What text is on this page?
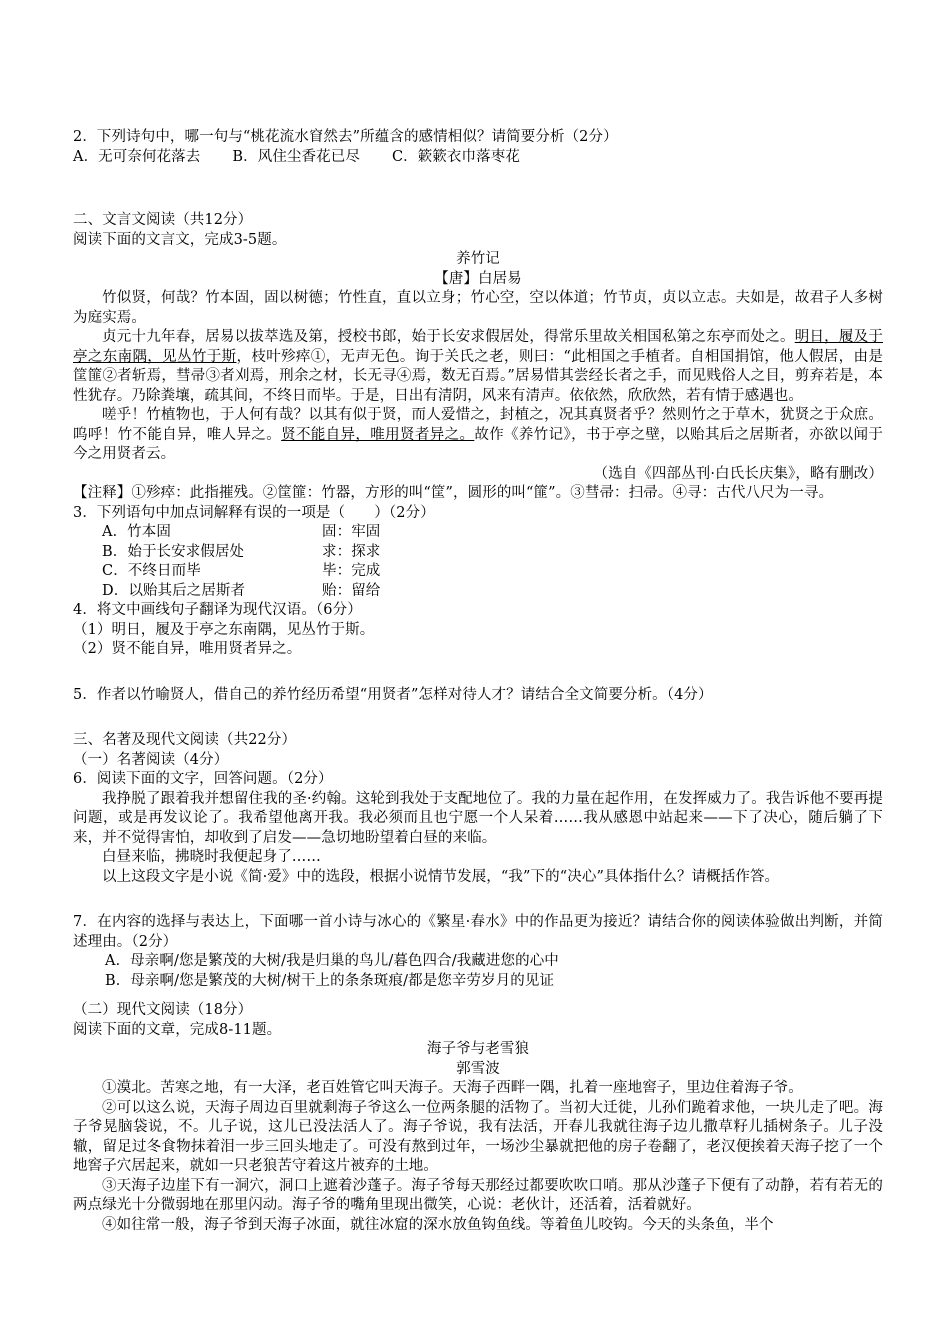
2．下列诗句中，哪一句与“桃花流水窅然去”所蕴含的感情相似？请简要分析（2分）

A．无可奈何花落去 B．风住尘香花已尽 C．簌簌衣巾落枣花

二、文言文阅读（共12分）

阅读下面的文言文，完成3-5题。

养竹记

【唐】白居易

竹似贤，何哉？竹本固，固以树德；竹性直，直以立身；竹心空，空以体道；竹节贞，贞以立志。夫如是，故君子人多树为庭实焉。

贞元十九年春，居易以拔萃选及第，授校书郎，始于长安求假居处，得常乐里故关相国私第之东亭而处之。明日，履及于亭之东南隅，见丛竹于斯，枝叶殄瘁①，无声无色。询于关氏之老，则曰：“此相国之手植者。自相国捐馆，他人假居，由是筐篚②者斩焉，彗帚③者刈焉，刑余之材，长无寻④焉，数无百焉。”居易惜其尝经长者之手，而见贱俗人之目，剪弃若是，本性犹存。乃除粪壤，疏其间，不终日而毕。于是，日出有清阴，风来有清声。依依然，欣欣然，若有情于感遇也。

嗟乎！竹植物也，于人何有哉？以其有似于贤，而人爱惜之，封植之，况其真贤者乎？然则竹之于草木，犹贤之于众庶。呜呼！竹不能自异，唯人异之。贤不能自异，唯用贤者异之。故作《养竹记》，书于亭之壁，以贻其后之居斯者，亦欲以闻于今之用贤者云。

（选自《四部丛刊·白氏长庆集》，略有删改）

【注释】①殄瘁：此指摧残。②筐篚：竹器，方形的叫“筐”，圆形的叫“篚”。③彗帚：扫帚。④寻：古代八尺为一寻。

3．下列语句中加点词解释有误的一项是（　　）（2分）

A．竹本固	固：牢固
B．始于长安求假居处	求：探求
C．不终日而毕	毕：完成
D．以贻其后之居斯者	贻：留给

4．将文中画线句子翻译为现代汉语。（6分）

（1）明日，履及于亭之东南隅，见丛竹于斯。

（2）贤不能自异，唯用贤者异之。

5．作者以竹喻贤人，借自己的养竹经历希望“用贤者”怎样对待人才？请结合全文简要分析。（4分）

三、名著及现代文阅读（共22分）

（一）名著阅读（4分）

6．阅读下面的文字，回答问题。（2分）

我挣脱了跟着我并想留住我的圣·约翰。这轮到我处于支配地位了。我的力量在起作用，在发挥威力了。我告诉他不要再提问题，或是再发议论了。我希望他离开我。我必须而且也宁愿一个人呆着……我从感恩中站起来——下了决心，随后躺了下来，并不觉得害怕，却收到了启发——急切地盼望着白昼的来临。

白昼来临，拂晓时我便起身了……

以上这段文字是小说《简·爱》中的选段，根据小说情节发展，“我”下的“决心”具体指什么？请概括作答。

7．在内容的选择与表达上，下面哪一首小诗与冰心的《繁星·春水》中的作品更为接近？请结合你的阅读体验做出判断，并简述理由。（2分）

A．母亲啊/您是繁茂的大树/我是归巢的鸟儿/暮色四合/我藏进您的心中

B．母亲啊/您是繁茂的大树/树干上的条条斑痕/都是您辛劳岁月的见证

（二）现代文阅读（18分）

阅读下面的文章，完成8-11题。

海子爷与老雪狼

郭雪波

①漠北。苦寒之地，有一大泽，老百姓管它叫天海子。天海子西畔一隅，扎着一座地窖子，里边住着海子爷。

②可以这么说，天海子周边百里就剩海子爷这么一位两条腿的活物了。当初大迁徙，儿孙们跪着求他，一块儿走了吧。海子爷晃脑袋说，不。儿子说，这儿已没法活人了。海子爷说，我有法活，开春儿我就往海子边儿撒草籽儿插树条子。儿子没辙，留足过冬食物抹着泪一步三回头地走了。可没有熬到过年，一场沙尘暴就把他的房子卷翻了，老汉便挨着天海子挖了一个地窖子穴居起来，就如一只老狼苦守着这片被弃的土地。

③天海子边崖下有一洞穴，洞口上遮着沙蓬子。海子爷每天那经过都要吹吹口哨。那从沙蓬子下便有了动静，若有若无的两点绿光十分微弱地在那里闪动。海子爷的嘴角里现出微笑，心说：老伙计，还活着，活着就好。

④如往常一般，海子爷到天海子冰面，就往冰窟的深水放鱼钩鱼线。等着鱼儿咬钩。今天的头条鱼，半个
